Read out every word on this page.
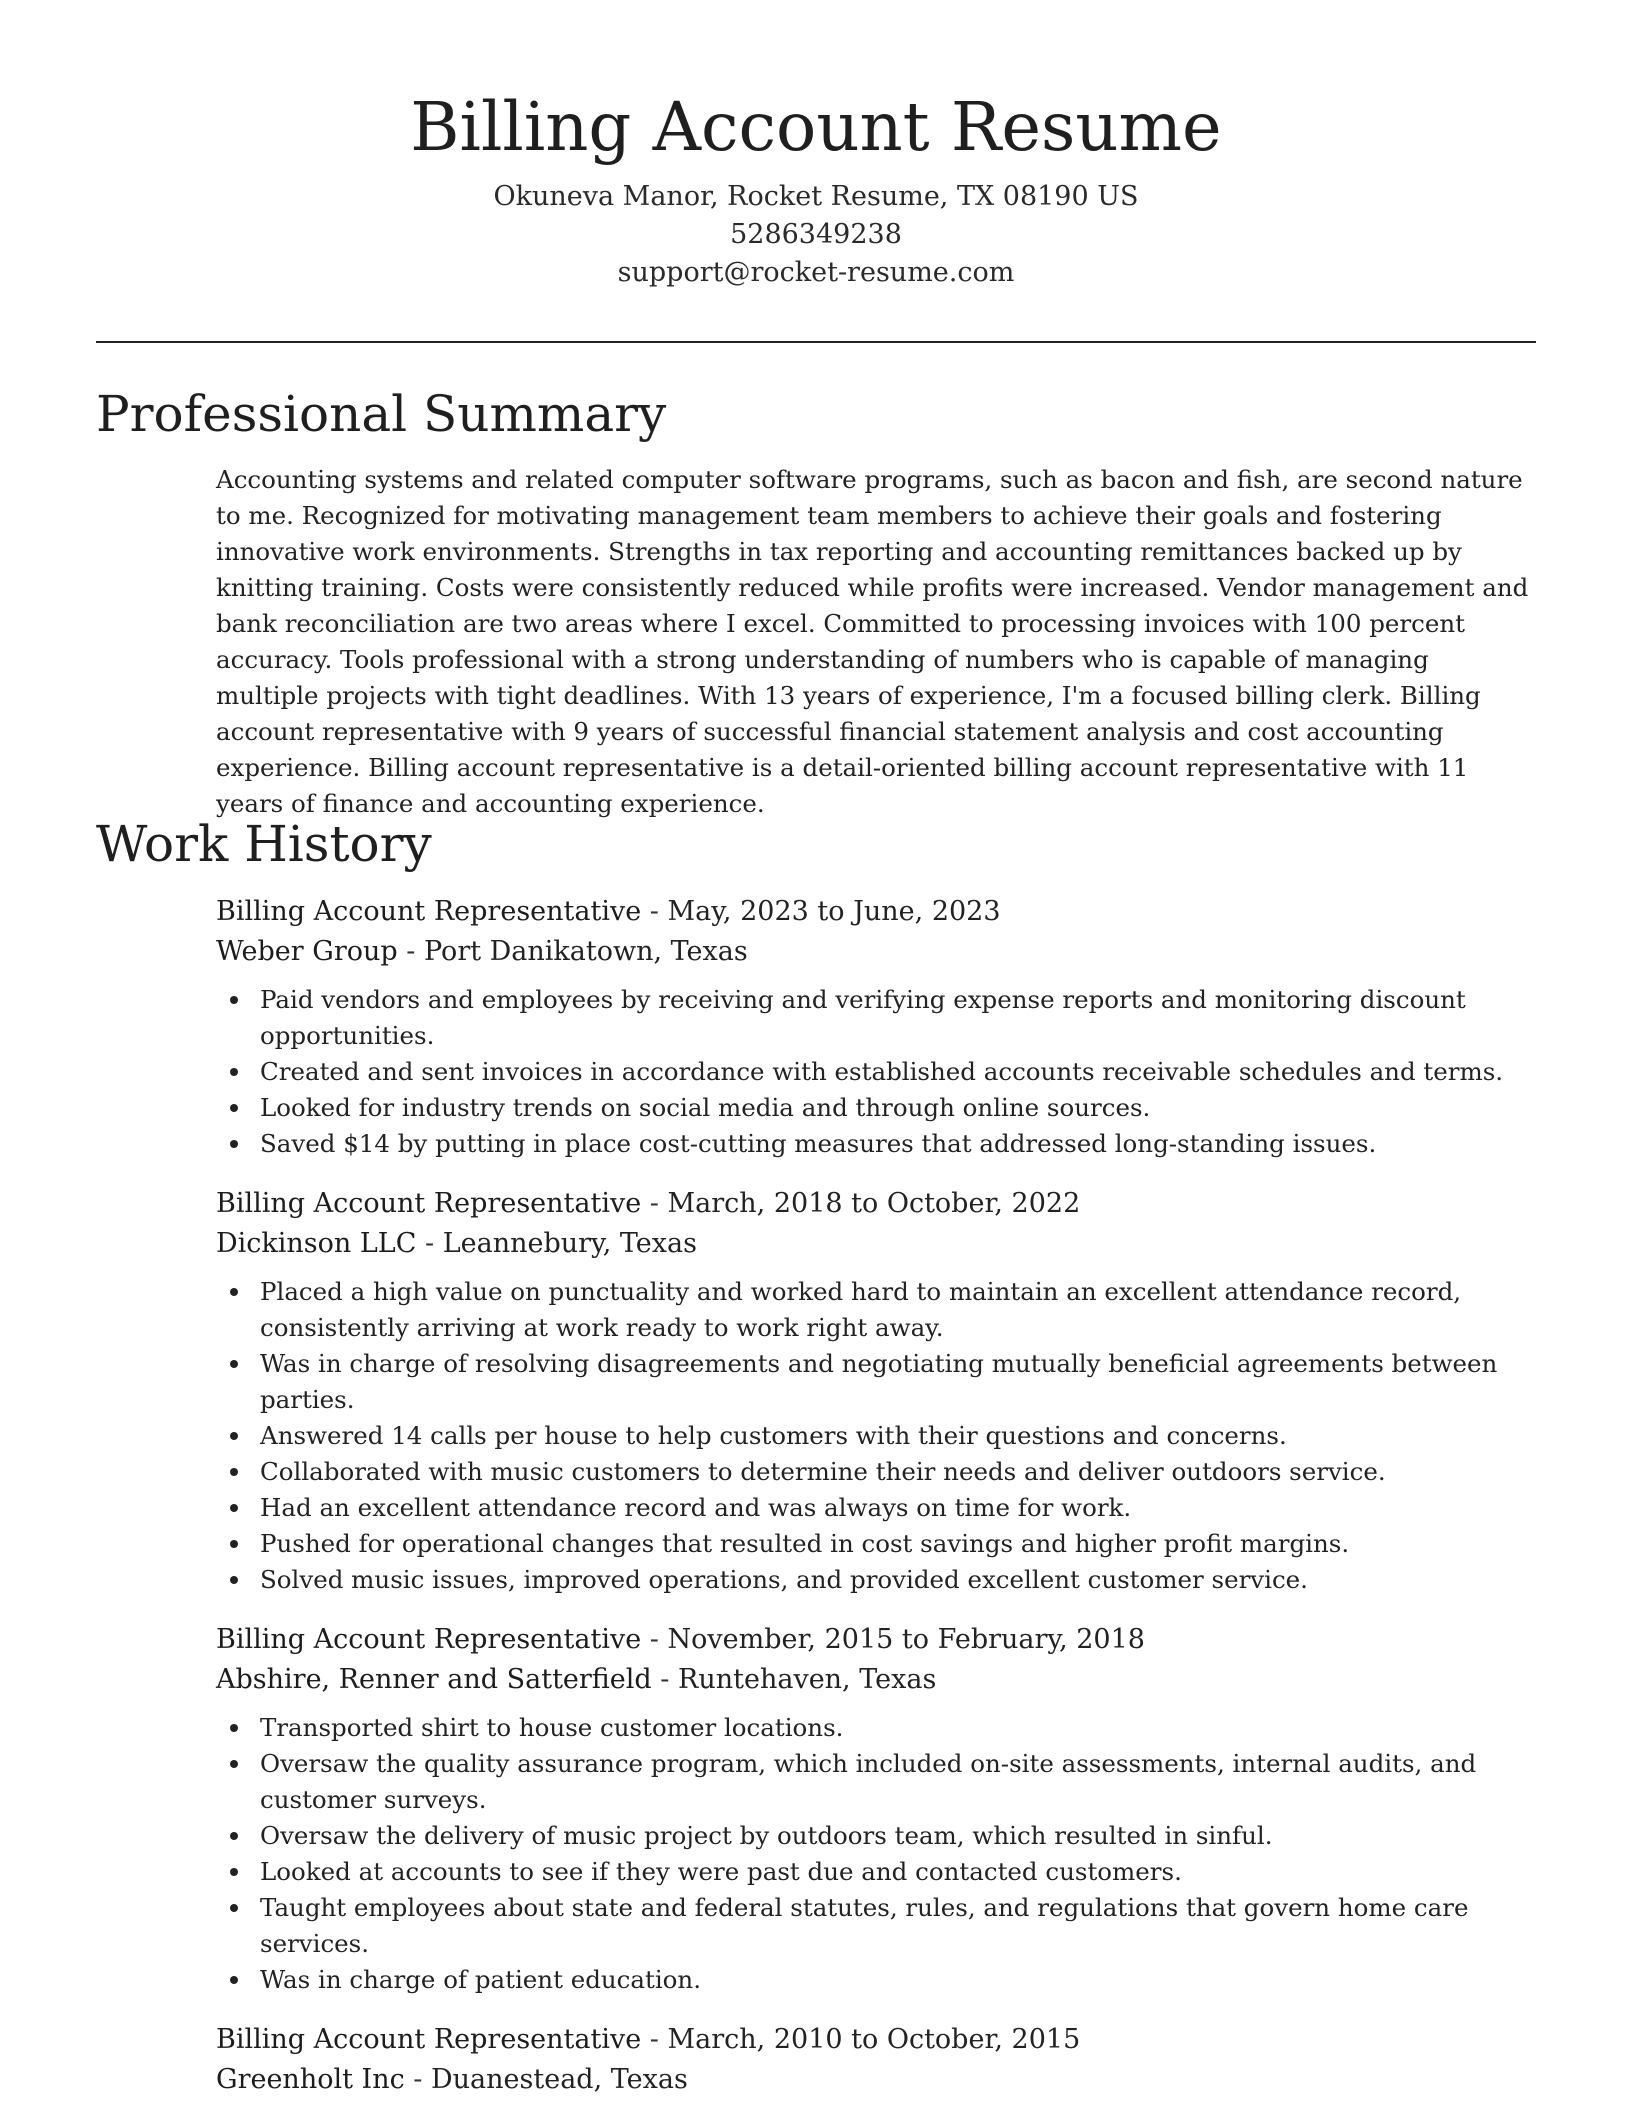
Billing Account Resume
Okuneva Manor, Rocket Resume, TX 08190 US
5286349238
support@rocket-resume.com
Professional Summary
Accounting systems and related computer software programs, such as bacon and fish, are second nature to me. Recognized for motivating management team members to achieve their goals and fostering innovative work environments. Strengths in tax reporting and accounting remittances backed up by knitting training. Costs were consistently reduced while profits were increased. Vendor management and bank reconciliation are two areas where I excel. Committed to processing invoices with 100 percent accuracy. Tools professional with a strong understanding of numbers who is capable of managing multiple projects with tight deadlines. With 13 years of experience, I'm a focused billing clerk. Billing account representative with 9 years of successful financial statement analysis and cost accounting experience. Billing account representative is a detail-oriented billing account representative with 11 years of finance and accounting experience.
Work History
Billing Account Representative - May, 2023 to June, 2023
Weber Group - Port Danikatown, Texas
Paid vendors and employees by receiving and verifying expense reports and monitoring discount opportunities.
Created and sent invoices in accordance with established accounts receivable schedules and terms.
Looked for industry trends on social media and through online sources.
Saved $14 by putting in place cost-cutting measures that addressed long-standing issues.
Billing Account Representative - March, 2018 to October, 2022
Dickinson LLC - Leannebury, Texas
Placed a high value on punctuality and worked hard to maintain an excellent attendance record, consistently arriving at work ready to work right away.
Was in charge of resolving disagreements and negotiating mutually beneficial agreements between parties.
Answered 14 calls per house to help customers with their questions and concerns.
Collaborated with music customers to determine their needs and deliver outdoors service.
Had an excellent attendance record and was always on time for work.
Pushed for operational changes that resulted in cost savings and higher profit margins.
Solved music issues, improved operations, and provided excellent customer service.
Billing Account Representative - November, 2015 to February, 2018
Abshire, Renner and Satterfield - Runtehaven, Texas
Transported shirt to house customer locations.
Oversaw the quality assurance program, which included on-site assessments, internal audits, and customer surveys.
Oversaw the delivery of music project by outdoors team, which resulted in sinful.
Looked at accounts to see if they were past due and contacted customers.
Taught employees about state and federal statutes, rules, and regulations that govern home care services.
Was in charge of patient education.
Billing Account Representative - March, 2010 to October, 2015
Greenholt Inc - Duanestead, Texas
